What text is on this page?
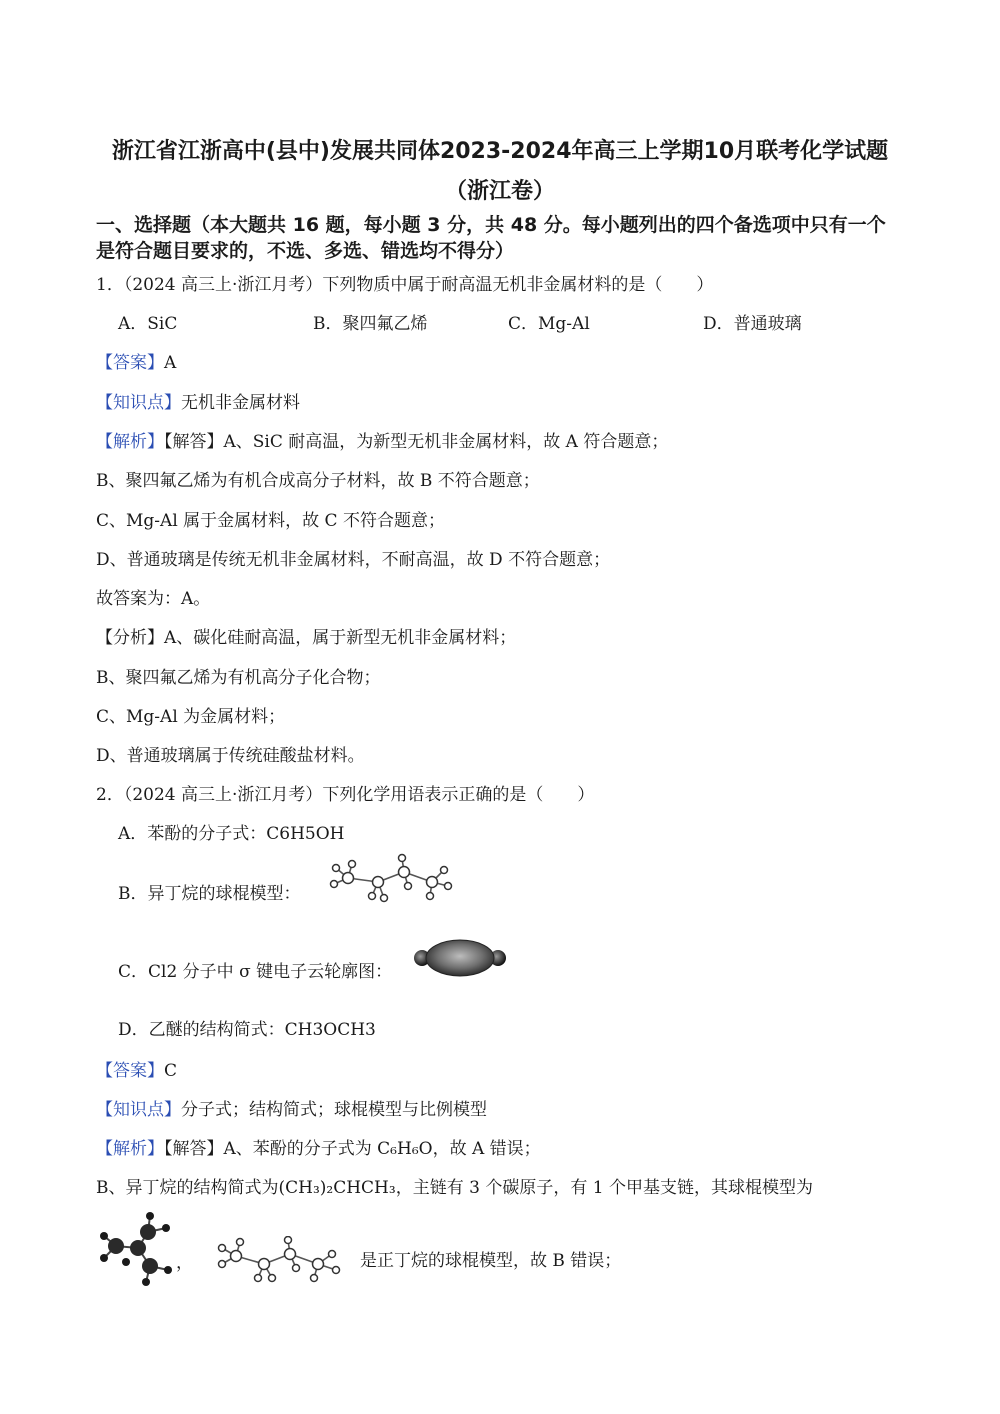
浙江省江浙高中(县中)发展共同体2023-2024年高三上学期10月联考化学试题
（浙江卷）
一、选择题（本大题共 16 题，每小题 3 分，共 48 分。每小题列出的四个备选项中只有一个
是符合题目要求的，不选、多选、错选均不得分）
1．（2024 高三上·浙江月考）下列物质中属于耐高温无机非金属材料的是（　　）
A．SiC	B．聚四氟乙烯	C．Mg-Al	D．普通玻璃
【答案】A
【知识点】无机非金属材料
【解析】【解答】A、SiC 耐高温，为新型无机非金属材料，故 A 符合题意；
B、聚四氟乙烯为有机合成高分子材料，故 B 不符合题意；
C、Mg-Al 属于金属材料，故 C 不符合题意；
D、普通玻璃是传统无机非金属材料，不耐高温，故 D 不符合题意；
故答案为：A。
【分析】A、碳化硅耐高温，属于新型无机非金属材料；
B、聚四氟乙烯为有机高分子化合物；
C、Mg-Al 为金属材料；
D、普通玻璃属于传统硅酸盐材料。
2．（2024 高三上·浙江月考）下列化学用语表示正确的是（　　）
A．苯酚的分子式：C6H5OH
B．异丁烷的球棍模型：
C．Cl2 分子中 σ 键电子云轮廓图：
D．乙醚的结构简式：CH3OCH3
【答案】C
【知识点】分子式；结构简式；球棍模型与比例模型
【解析】【解答】A、苯酚的分子式为 C₆H₆O，故 A 错误；
B、异丁烷的结构简式为(CH₃)₂CHCH₃，主链有 3 个碳原子，有 1 个甲基支链，其球棍模型为
，	是正丁烷的球棍模型，故 B 错误；
